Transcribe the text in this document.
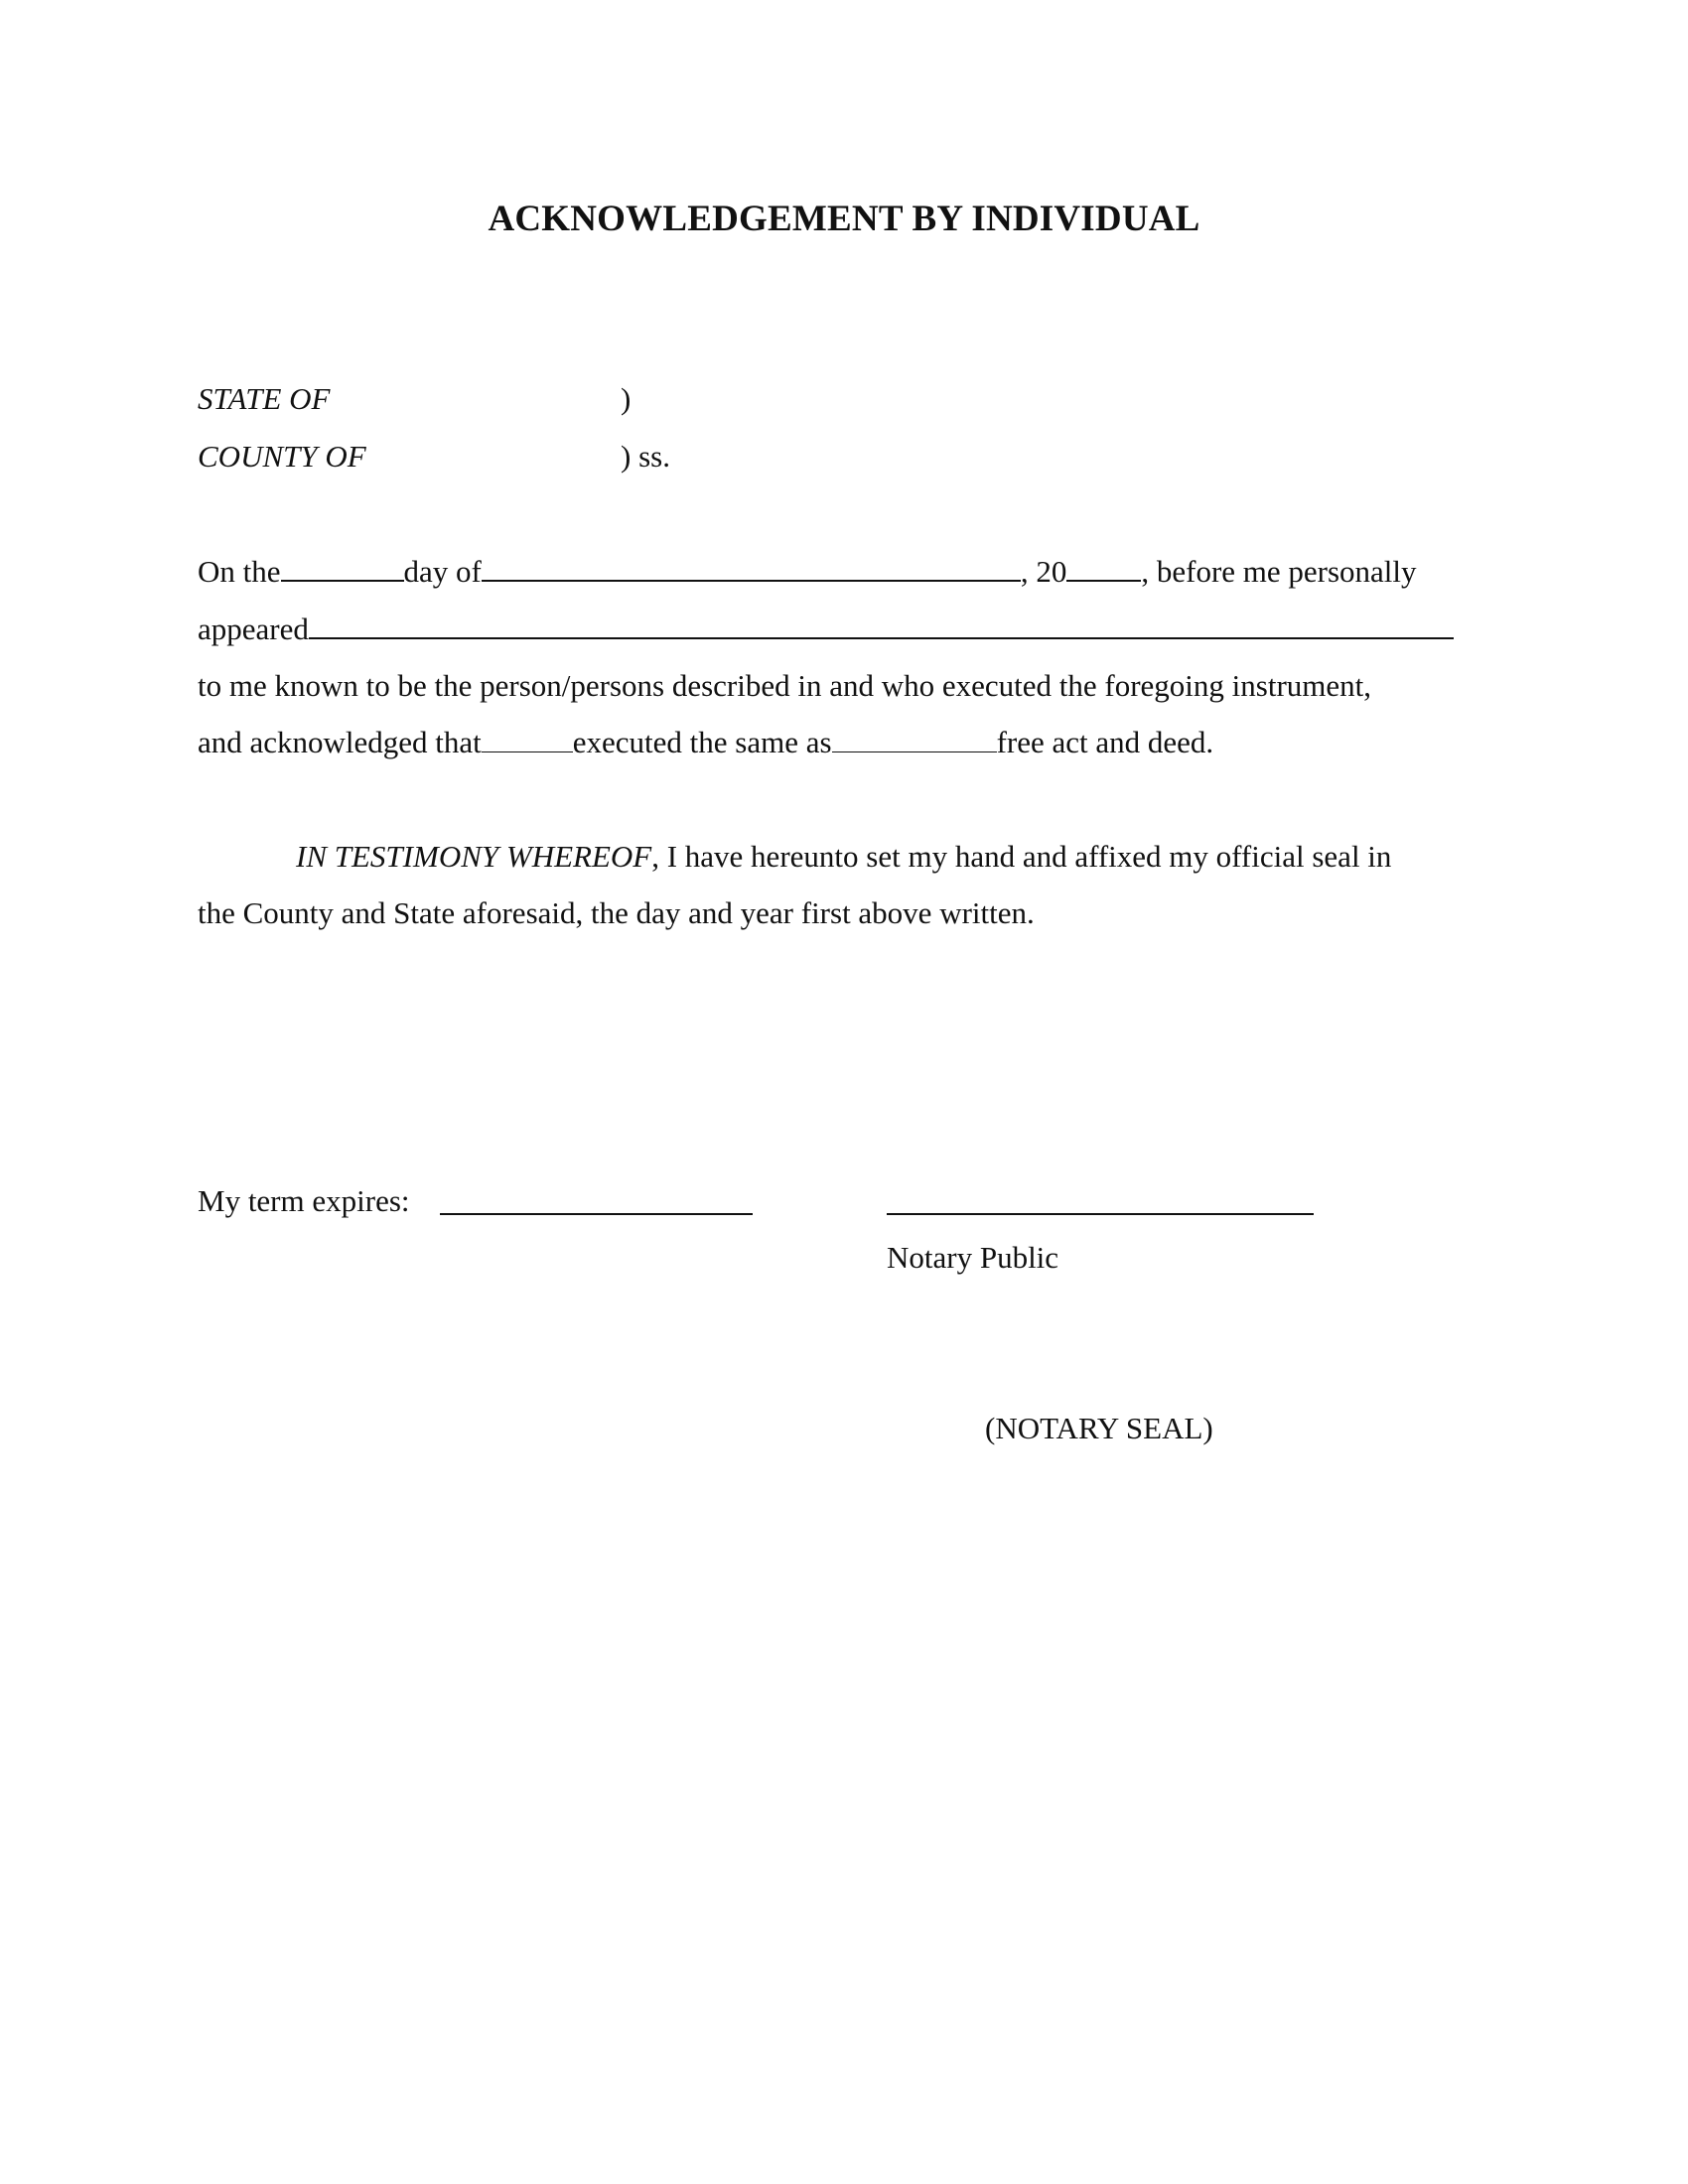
ACKNOWLEDGEMENT BY INDIVIDUAL
STATE OF	)
COUNTY OF	) ss.
On the	day of	, 20 , before me personally
appeared
to me known to be the person/persons described in and who executed the foregoing instrument,
and acknowledged that	executed the same as	free act and deed.
IN TESTIMONY WHEREOF, I have hereunto set my hand and affixed my official seal in
the County and State aforesaid, the day and year first above written.
My term expires:
Notary Public
(NOTARY SEAL)
